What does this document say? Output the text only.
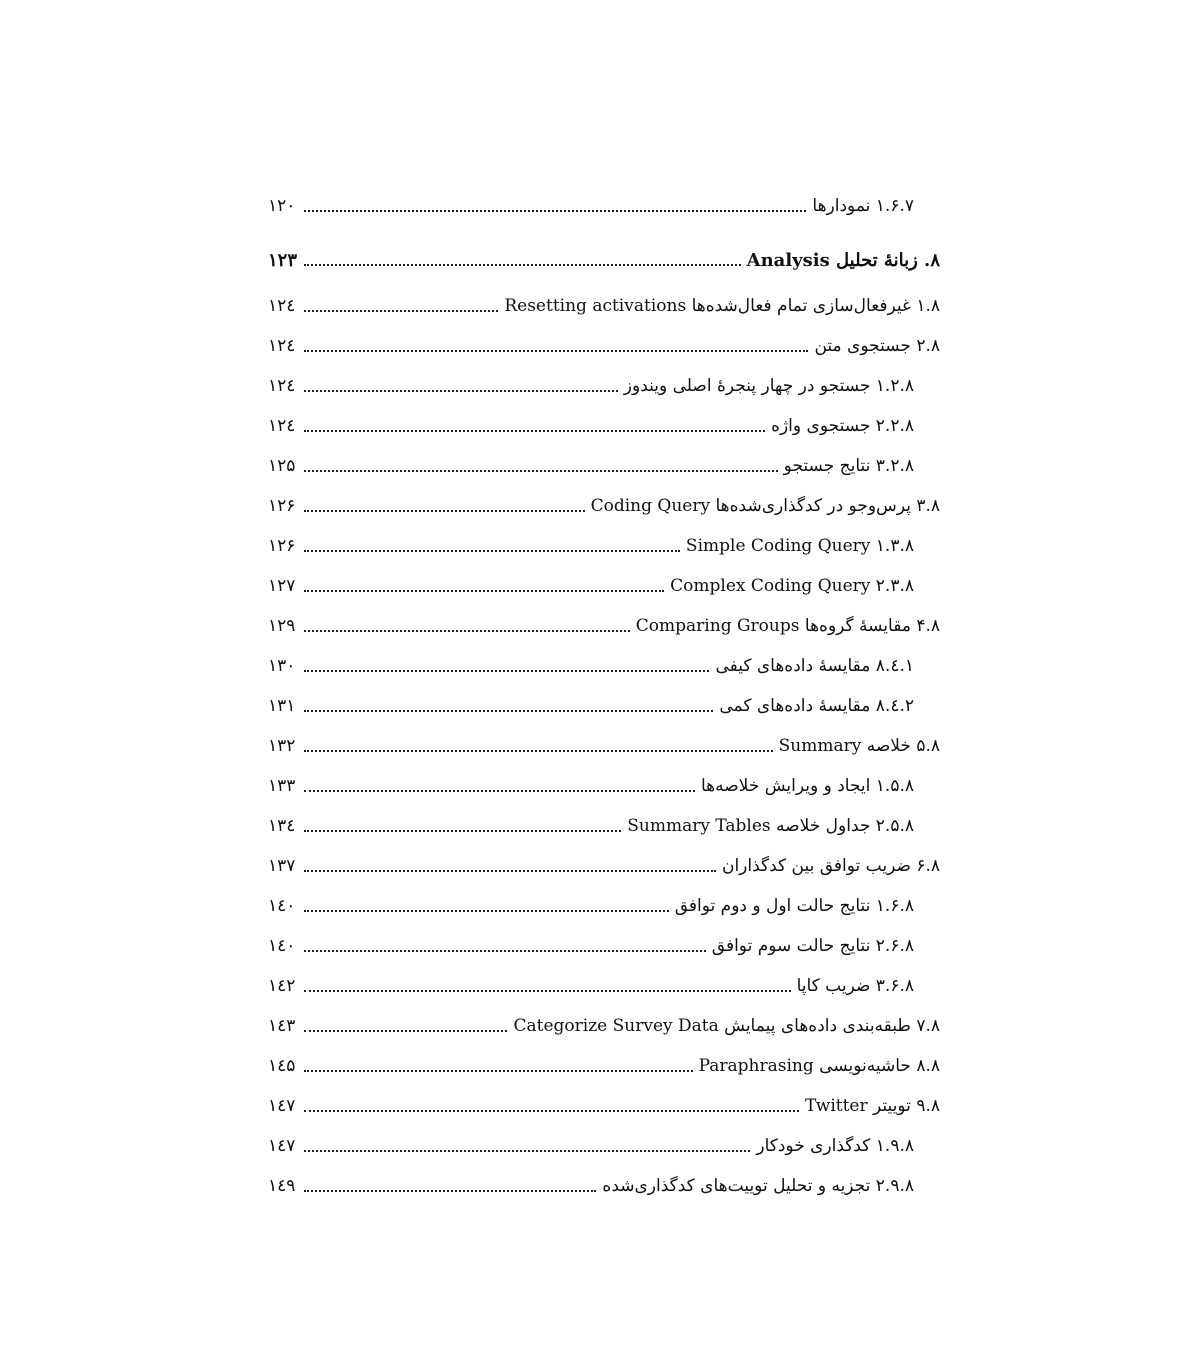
۱.۶.۷ نمودارها
۱۲۰
۸. زبانهٔ تحلیل Analysis
۱۲۳
۱.۸ غیرفعال‌سازی تمام فعال‌شده‌ها Resetting activations
۱۲٤
۲.۸ جستجوی متن
۱۲٤
۱.۲.۸ جستجو در چهار پنجرهٔ اصلی ویندوز
۱۲٤
۲.۲.۸ جستجوی واژه
۱۲٤
۳.۲.۸ نتایج جستجو
۱۲۵
۳.۸ پرس‌وجو در کدگذاری‌شده‌ها Coding Query
۱۲۶
۱.۳.۸ Simple Coding Query
۱۲۶
۲.۳.۸ Complex Coding Query
۱۲۷
۴.۸ مقایسهٔ گروه‌ها Comparing Groups
۱۲۹
۱.٤.۸ مقایسهٔ داده‌های کیفی
۱۳۰
۲.٤.۸ مقایسهٔ داده‌های کمی
۱۳۱
۵.۸ خلاصه Summary
۱۳۲
۱.۵.۸ ایجاد و ویرایش خلاصه‌ها
۱۳۳
۲.۵.۸ جداول خلاصه Summary Tables
۱۳٤
۶.۸ ضریب توافق بین کدگذاران
۱۳۷
۱.۶.۸ نتایج حالت اول و دوم توافق
۱٤۰
۲.۶.۸ نتایج حالت سوم توافق
۱٤۰
۳.۶.۸ ضریب کاپا
۱٤۲
۷.۸ طبقه‌بندی داده‌های پیمایش Categorize Survey Data
۱٤۳
۸.۸ حاشیه‌نویسی Paraphrasing
۱٤۵
۹.۸ توییتر Twitter
۱٤۷
۱.۹.۸ کدگذاری خودکار
۱٤۷
۲.۹.۸ تجزیه و تحلیل توییت‌های کدگذاری‌شده
۱٤۹
